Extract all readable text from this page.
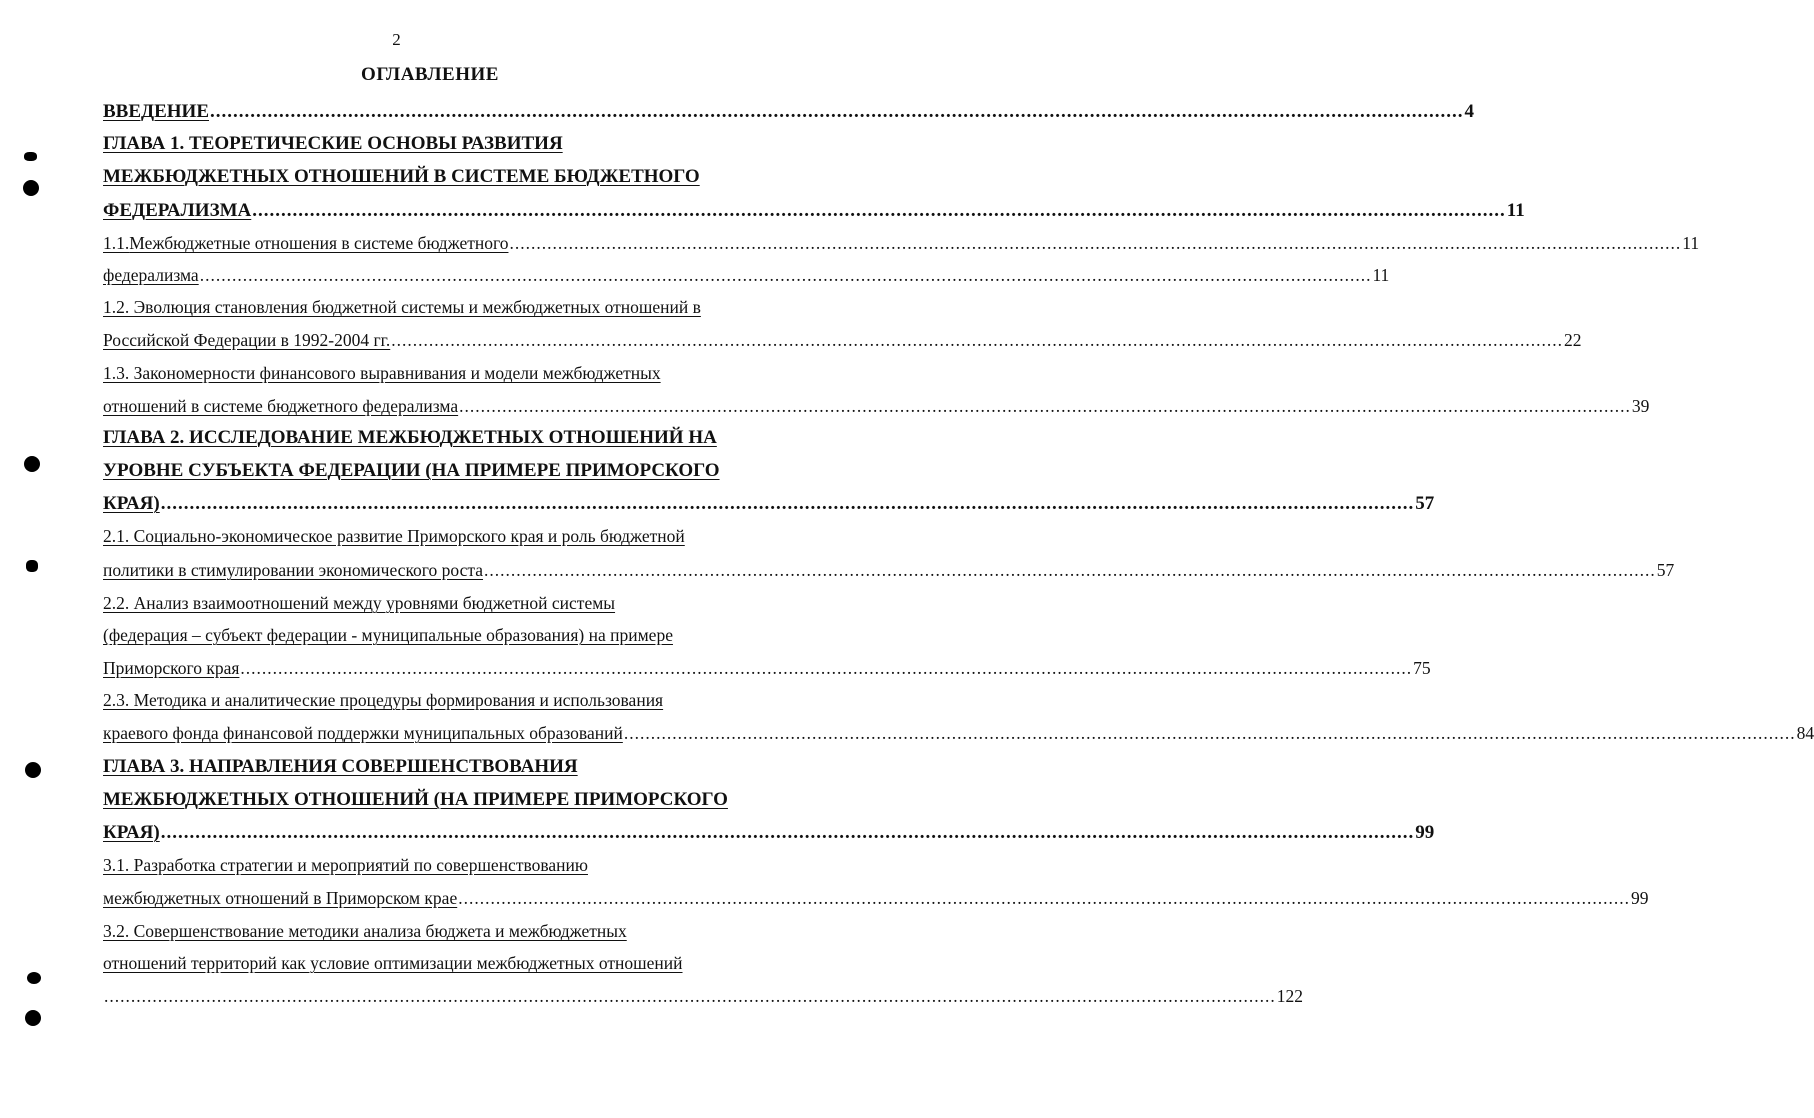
2
ОГЛАВЛЕНИЕ
ВВЕДЕНИЕ .......................................................................................................................................................................................................................... 4
ГЛАВА 1. ТЕОРЕТИЧЕСКИЕ ОСНОВЫ РАЗВИТИЯ
МЕЖБЮДЖЕТНЫХ ОТНОШЕНИЙ В СИСТЕМЕ БЮДЖЕТНОГО
ФЕДЕРАЛИЗМА .......................................................................................................................................................................................................................... 11
1.1. Межбюджетные отношения в системе бюджетного .......................................................................................................................................................................................................................... 11
федерализма .......................................................................................................................................................................................................................... 11
1.2. Эволюция становления бюджетной системы и межбюджетных отношений в
Российской Федерации в 1992-2004 гг. .......................................................................................................................................................................................................................... 22
1.3. Закономерности финансового выравнивания и модели межбюджетных
отношений в системе бюджетного федерализма .......................................................................................................................................................................................................................... 39
ГЛАВА 2. ИССЛЕДОВАНИЕ МЕЖБЮДЖЕТНЫХ ОТНОШЕНИЙ НА
УРОВНЕ СУБЪЕКТА ФЕДЕРАЦИИ (НА ПРИМЕРЕ ПРИМОРСКОГО
КРАЯ) .......................................................................................................................................................................................................................... 57
2.1. Социально-экономическое развитие Приморского края и роль бюджетной
политики в стимулировании экономического роста .......................................................................................................................................................................................................................... 57
2.2. Анализ взаимоотношений между уровнями бюджетной системы
(федерация – субъект федерации - муниципальные образования) на примере
Приморского края .......................................................................................................................................................................................................................... 75
2.3. Методика и аналитические процедуры формирования и использования
краевого фонда финансовой поддержки муниципальных образований .......................................................................................................................................................................................................................... 84
ГЛАВА 3. НАПРАВЛЕНИЯ СОВЕРШЕНСТВОВАНИЯ
МЕЖБЮДЖЕТНЫХ ОТНОШЕНИЙ (НА ПРИМЕРЕ ПРИМОРСКОГО
КРАЯ) .......................................................................................................................................................................................................................... 99
3.1. Разработка стратегии и мероприятий по совершенствованию
межбюджетных отношений в Приморском крае .......................................................................................................................................................................................................................... 99
3.2. Совершенствование методики анализа бюджета и межбюджетных
отношений территорий как условие оптимизации межбюджетных отношений
.......................................................................................................................................................................................................................... 122
